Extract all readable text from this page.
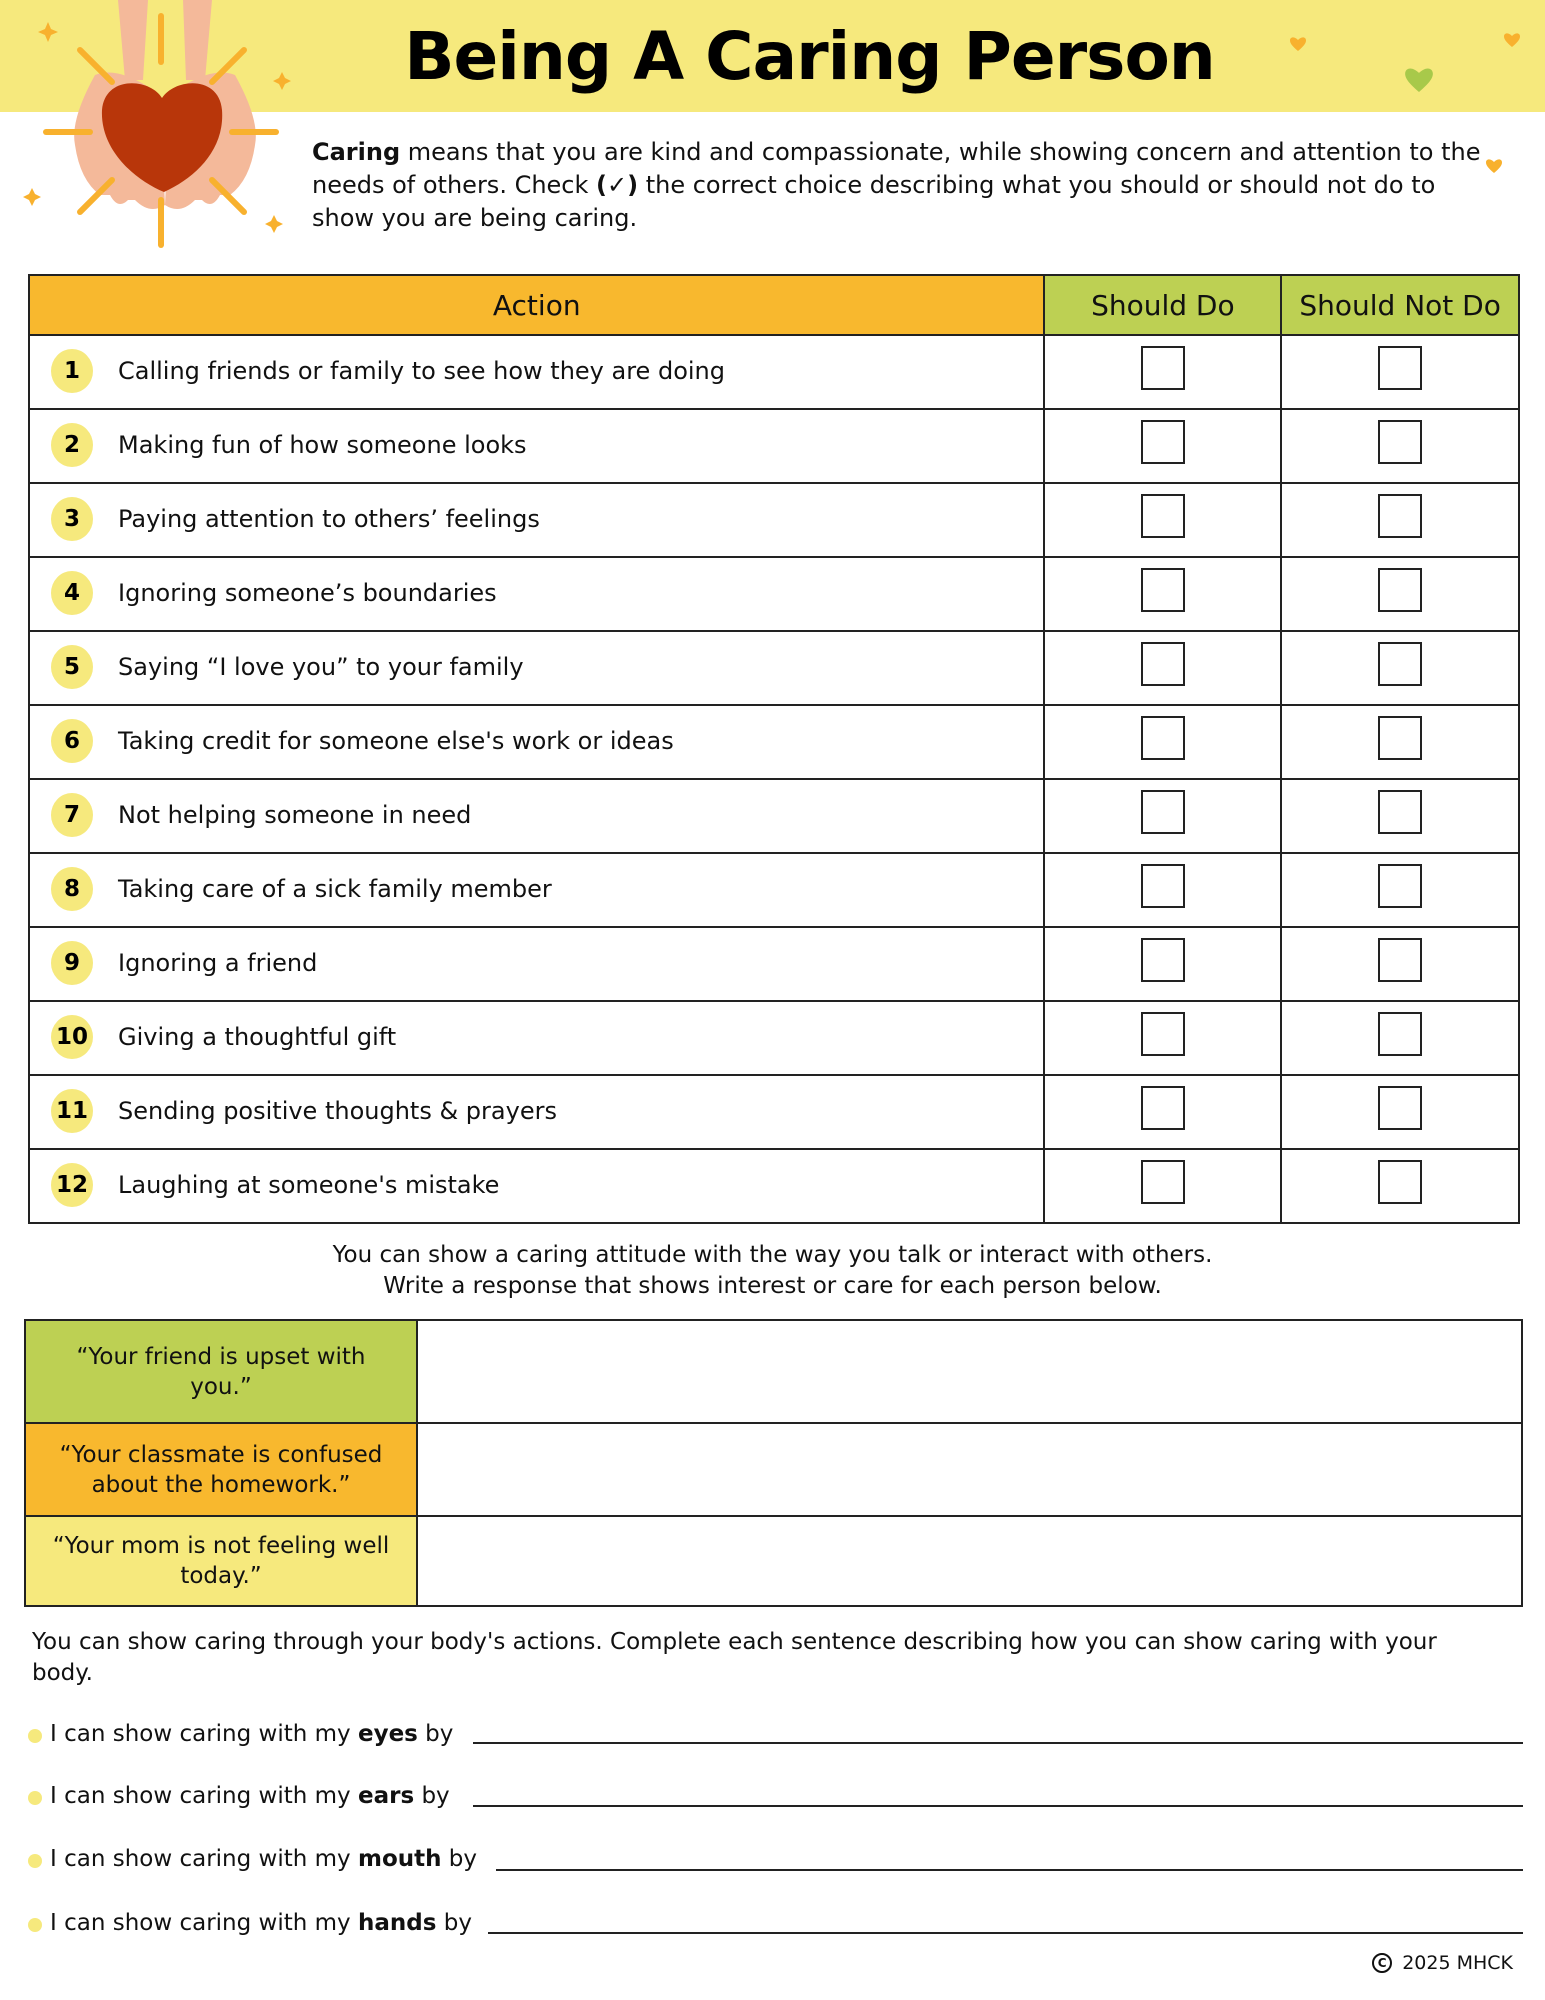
Being A Caring Person

Caring means that you are kind and compassionate, while showing concern and attention to the needs of others. Check (✓) the correct choice describing what you should or should not do to show you are being caring.

Action	Should Do	Should Not Do

1 Calling friends or family to see how they are doing		

2 Making fun of how someone looks		

3 Paying attention to others’ feelings		

4 Ignoring someone’s boundaries		

5 Saying “I love you” to your family		

6 Taking credit for someone else's work or ideas		

7 Not helping someone in need		

8 Taking care of a sick family member		

9 Ignoring a friend		

10 Giving a thoughtful gift		

11 Sending positive thoughts & prayers		

12 Laughing at someone's mistake		

You can show a caring attitude with the way you talk or interact with others.
Write a response that shows interest or care for each person below.
“Your friend is upset with you.”	
“Your classmate is confused about the homework.”	
“Your mom is not feeling well today.”	

You can show caring through your body's actions. Complete each sentence describing how you can show caring with your body.

I can show caring with my eyes by
I can show caring with my ears by
I can show caring with my mouth by
I can show caring with my hands by
C 2025 MHCK
